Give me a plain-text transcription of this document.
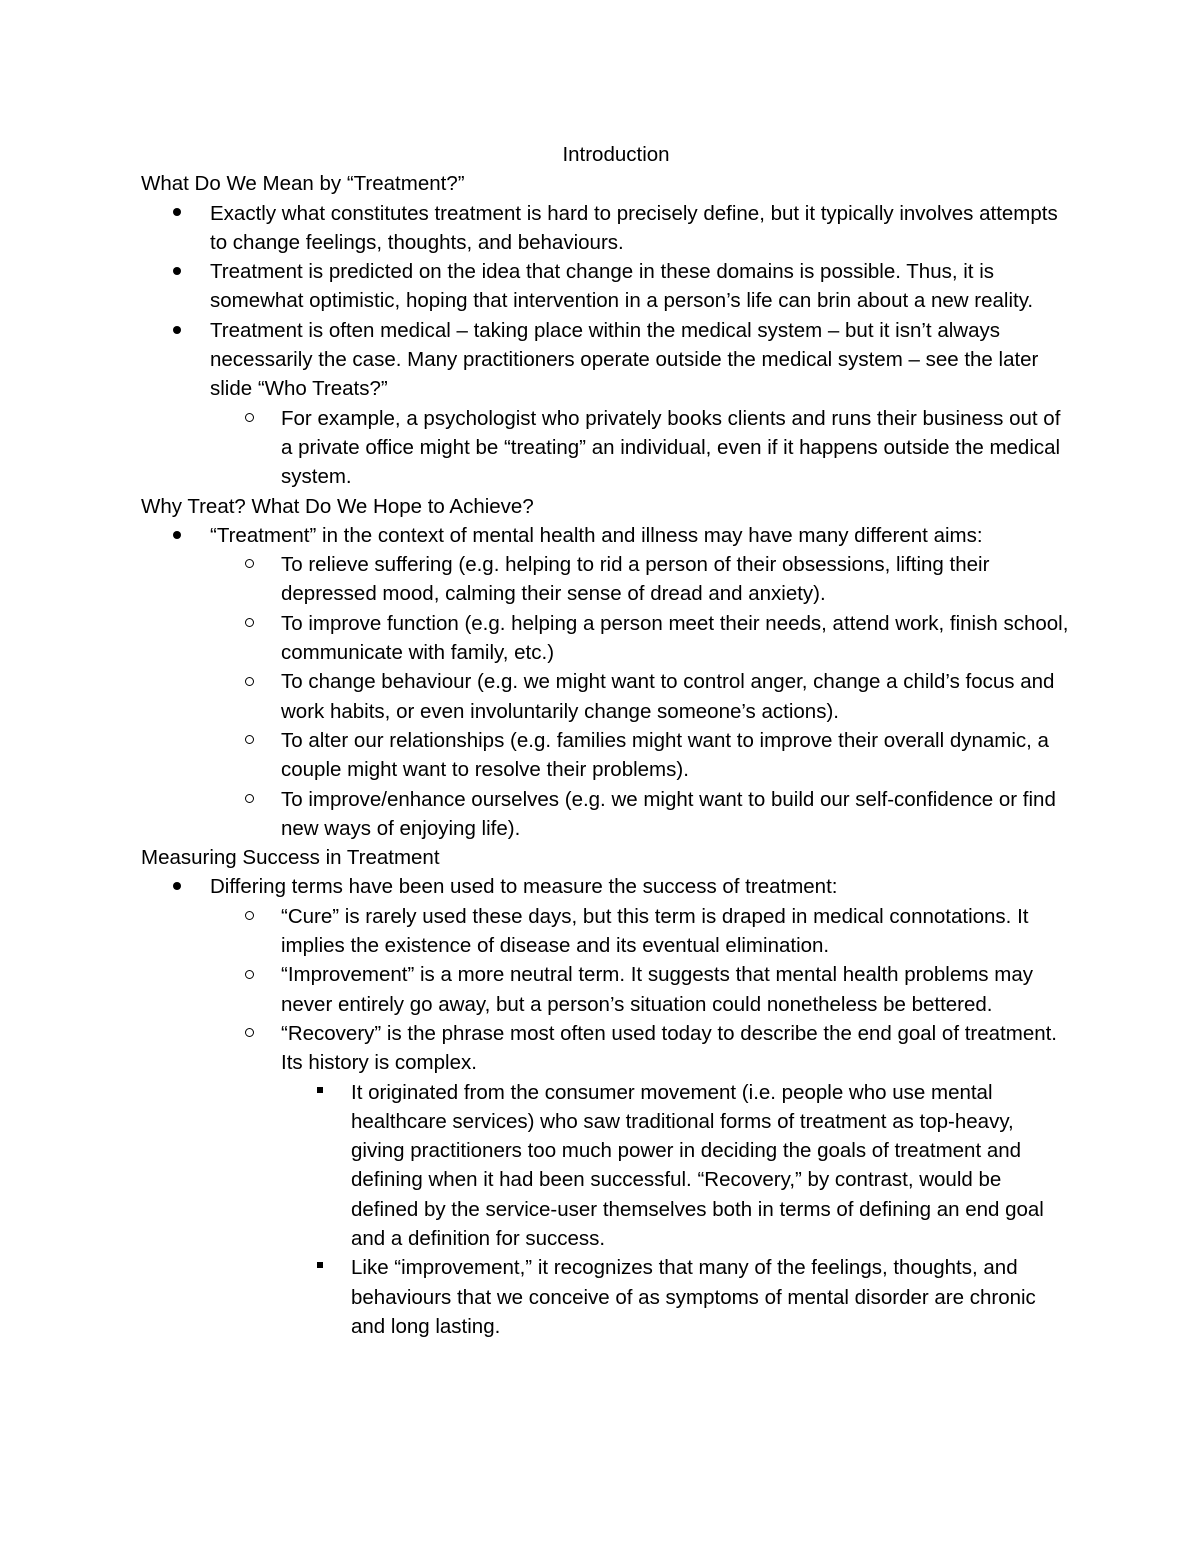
Introduction
What Do We Mean by “Treatment?”
Exactly what constitutes treatment is hard to precisely define, but it typically involves attempts to change feelings, thoughts, and behaviours.
Treatment is predicted on the idea that change in these domains is possible. Thus, it is somewhat optimistic, hoping that intervention in a person’s life can brin about a new reality.
Treatment is often medical – taking place within the medical system – but it isn’t always necessarily the case. Many practitioners operate outside the medical system – see the later slide “Who Treats?”
For example, a psychologist who privately books clients and runs their business out of a private office might be “treating” an individual, even if it happens outside the medical system.
Why Treat? What Do We Hope to Achieve?
“Treatment” in the context of mental health and illness may have many different aims:
To relieve suffering (e.g. helping to rid a person of their obsessions, lifting their depressed mood, calming their sense of dread and anxiety).
To improve function (e.g. helping a person meet their needs, attend work, finish school, communicate with family, etc.)
To change behaviour (e.g. we might want to control anger, change a child’s focus and work habits, or even involuntarily change someone’s actions).
To alter our relationships (e.g. families might want to improve their overall dynamic, a couple might want to resolve their problems).
To improve/enhance ourselves (e.g. we might want to build our self-confidence or find new ways of enjoying life).
Measuring Success in Treatment
Differing terms have been used to measure the success of treatment:
“Cure” is rarely used these days, but this term is draped in medical connotations. It implies the existence of disease and its eventual elimination.
“Improvement” is a more neutral term. It suggests that mental health problems may never entirely go away, but a person’s situation could nonetheless be bettered.
“Recovery” is the phrase most often used today to describe the end goal of treatment. Its history is complex.
It originated from the consumer movement (i.e. people who use mental healthcare services) who saw traditional forms of treatment as top-heavy, giving practitioners too much power in deciding the goals of treatment and defining when it had been successful. “Recovery,” by contrast, would be defined by the service-user themselves both in terms of defining an end goal and a definition for success.
Like “improvement,” it recognizes that many of the feelings, thoughts, and behaviours that we conceive of as symptoms of mental disorder are chronic and long lasting.
